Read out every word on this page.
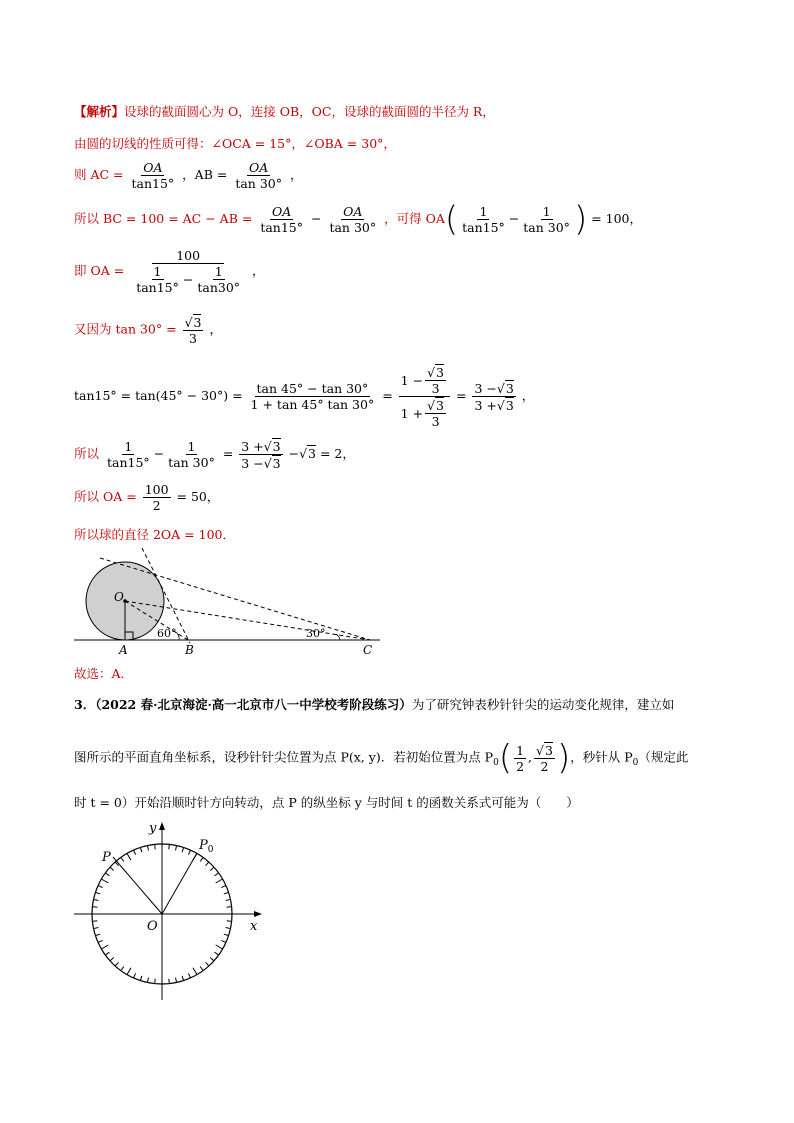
【解析】设球的截面圆心为 O，连接 OB，OC，设球的截面圆的半径为 R，
由圆的切线的性质可得：∠OCA = 15°，∠OBA = 30°，
则 AC = $\frac{OA}{\tan 15^\circ}$ ，AB = $\frac{OA}{\tan 30^\circ}$ ，
所以 BC = 100 = AC − AB = $\frac{OA}{\tan 15^\circ} - \frac{OA}{\tan 30^\circ}$ ，可得 $OA( \frac{1}{\tan 15^\circ} - \frac{1}{\tan 30^\circ}$ ) = 100，
即 OA = $\frac{100}{\frac{1}{\tan 15^\circ} - \frac{1}{\tan 30^\circ}}$ ，
又因为 $\tan 30^\circ = \frac{√3}{3}$ ，
$\tan 15^\circ = \tan(45^\circ - 30^\circ) = \frac{\tan 45^\circ - \tan 30^\circ}{1 + \tan 45^\circ \tan 30^\circ} = \frac{1 - \frac{√3}{3}}{1 + \frac{√3}{3}} = \frac{3 -√3}{3 +√3}$ ，
所以 $\frac{1}{\tan 15^\circ} - \frac{1}{\tan 30^\circ} = \frac{3 +√3}{3 -√3} -√3 = 2$，
所以 OA = $\frac{100}{2} = 50$，
所以球的直径 2OA = 100．
O
A	B	C
60°	30°
故选：A.
3．（2022 春·北京海淀·高一北京市八一中学校考阶段练习）为了研究钟表秒针针尖的运动变化规律，建立如
图所示的平面直角坐标系，设秒针针尖位置为点 P(x, y)．若初始位置为点 $P_0( \frac{1}{2}$ , $\frac{√3}{2}$ )，秒针从 $P_0$（规定此
时 t = 0）开始沿顺时针方向转动，点 P 的纵坐标 y 与时间 t 的函数关系式可能为（　　）
y
x
O
P
$P_0$
